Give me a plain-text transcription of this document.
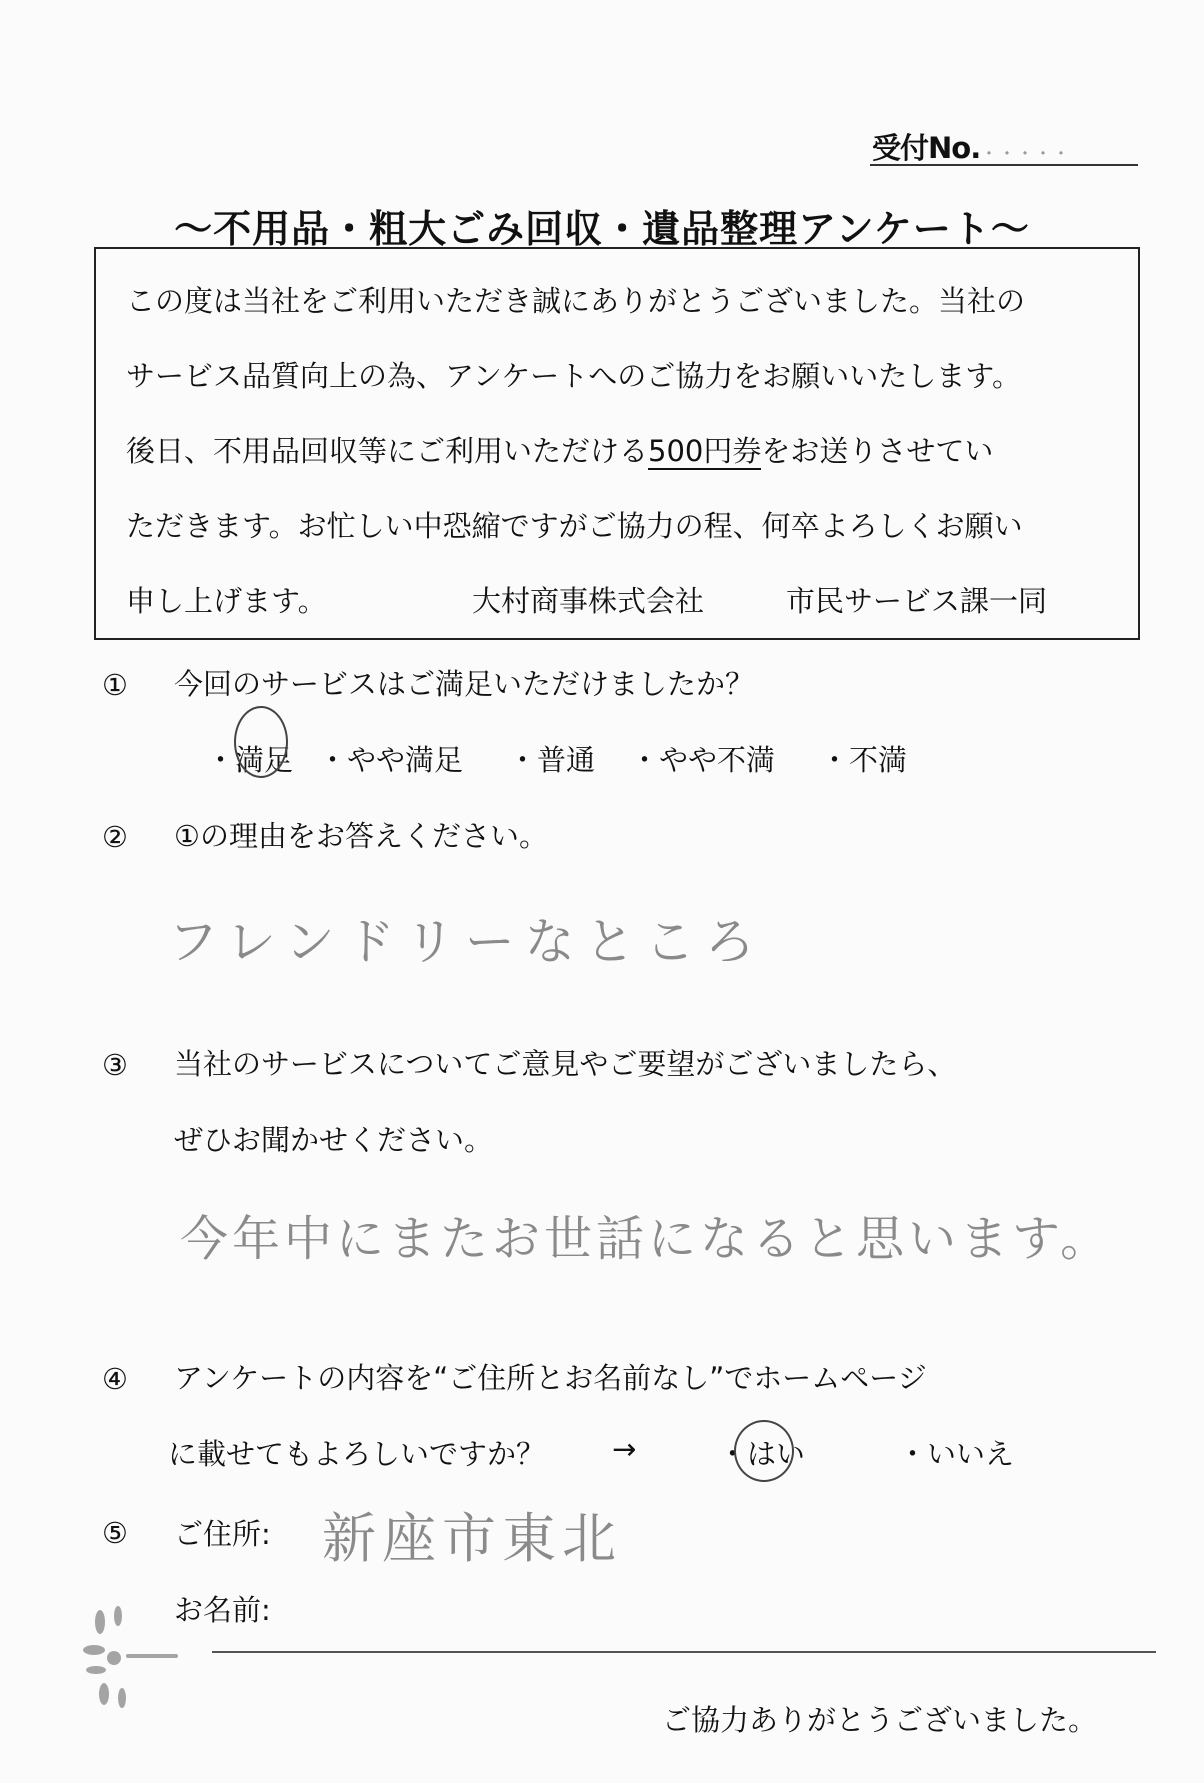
受付No. ・・・・・
～不用品・粗大ごみ回収・遺品整理アンケート～
この度は当社をご利用いただき誠にありがとうございました。当社の
サービス品質向上の為、アンケートへのご協力をお願いいたします。
後日、不用品回収等にご利用いただける500円券をお送りさせてい
ただきます。お忙しい中恐縮ですがご協力の程、何卒よろしくお願い
申し上げます。	大村商事株式会社	市民サービス課一同
① 今回のサービスはご満足いただけましたか？
・満足 ・やや満足 ・普通 ・やや不満 ・不満
② ①の理由をお答えください。
フレンドリーなところ
③ 当社のサービスについてご意見やご要望がございましたら、
ぜひお聞かせください。
今年中にまたお世話になると思います。
④ アンケートの内容を“ご住所とお名前なし”でホームページ
に載せてもよろしいですか？ →	・はい	・いいえ
⑤ ご住所: 新座市東北
お名前:
ご協力ありがとうございました。
